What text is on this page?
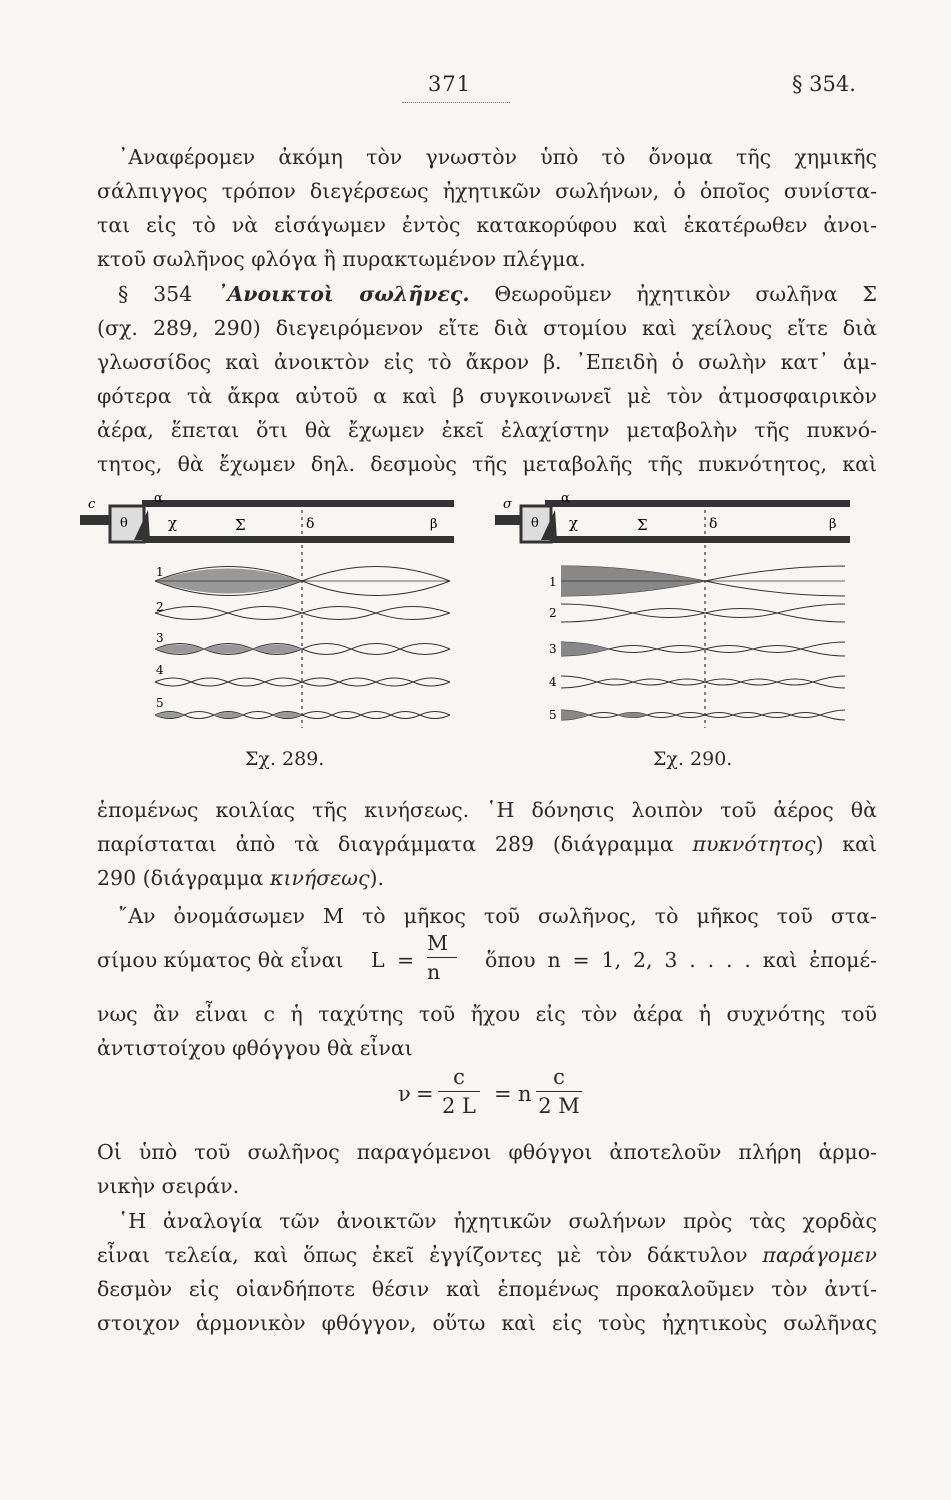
371	§ 354.
᾽Αναφέρομεν ἀκόμη τὸν γνωστὸν ὑπὸ τὸ ὄνομα τῆς χημικῆς
σάλπιγγος τρόπον διεγέρσεως ἠχητικῶν σωλήνων, ὁ ὁποῖος συνίστα-
ται εἰς τὸ νὰ εἰσάγωμεν ἐντὸς κατακορύφου καὶ ἑκατέρωθεν ἀνοι-
κτοῦ σωλῆνος φλόγα ἢ πυρακτωμένον πλέγμα.
§ 354 ᾽Ανοικτοὶ σωλῆνες. Θεωροῦμεν ἠχητικὸν σωλῆνα Σ
(σχ. 289, 290) διεγειρόμενον εἴτε διὰ στομίου καὶ χείλους εἴτε διὰ
γλωσσίδος καὶ ἀνοικτὸν εἰς τὸ ἄκρον β. ᾽Επειδὴ ὁ σωλὴν κατ᾽ ἀμ-
φότερα τὰ ἄκρα αὐτοῦ α καὶ β συγκοινωνεῖ μὲ τὸν ἀτμοσφαιρικὸν
ἀέρα, ἕπεται ὅτι θὰ ἔχωμεν ἐκεῖ ἐλαχίστην μεταβολὴν τῆς πυκνό-
τητος, θὰ ἔχωμεν δηλ. δεσμοὺς τῆς μεταβολῆς τῆς πυκνότητος, καὶ
c	α
θ	χ	Σ	δ	β
1
2
3
4
5
Σχ. 289.
σ	α
θ χ	Σ	δ	β
1
2
3
4
5
Σχ. 290.
ἑπομένως κοιλίας τῆς κινήσεως. ῾Η δόνησις λοιπὸν τοῦ ἀέρος θὰ
παρίσταται ἀπὸ τὰ διαγράμματα 289 (διάγραμμα πυκνότητος) καὶ
290 (διάγραμμα κινήσεως).
῎Αν ὀνομάσωμεν Μ τὸ μῆκος τοῦ σωλῆνος, τὸ μῆκος τοῦ στα-
σίμου κύματος θὰ εἶναι L =
M
n	ὅπου n = 1, 2, 3 . . . . καὶ ἐπομέ-
νως ἂν εἶναι c ἡ ταχύτης τοῦ ἤχου εἰς τὸν ἀέρα ἡ συχνότης τοῦ
ἀντιστοίχου φθόγγου θὰ εἶναι
ν =
c
2 L = n
c
2 M
Οἱ ὑπὸ τοῦ σωλῆνος παραγόμενοι φθόγγοι ἀποτελοῦν πλήρη ἁρμο-
νικὴν σειράν.
῾Η ἀναλογία τῶν ἀνοικτῶν ἠχητικῶν σωλήνων πρὸς τὰς χορδὰς
εἶναι τελεία, καὶ ὅπως ἐκεῖ ἐγγίζοντες μὲ τὸν δάκτυλον παράγομεν
δεσμὸν εἰς οἱανδήποτε θέσιν καὶ ἑπομένως προκαλοῦμεν τὸν ἀντί-
στοιχον ἁρμονικὸν φθόγγον, οὕτω καὶ εἰς τοὺς ἠχητικοὺς σωλῆνας
